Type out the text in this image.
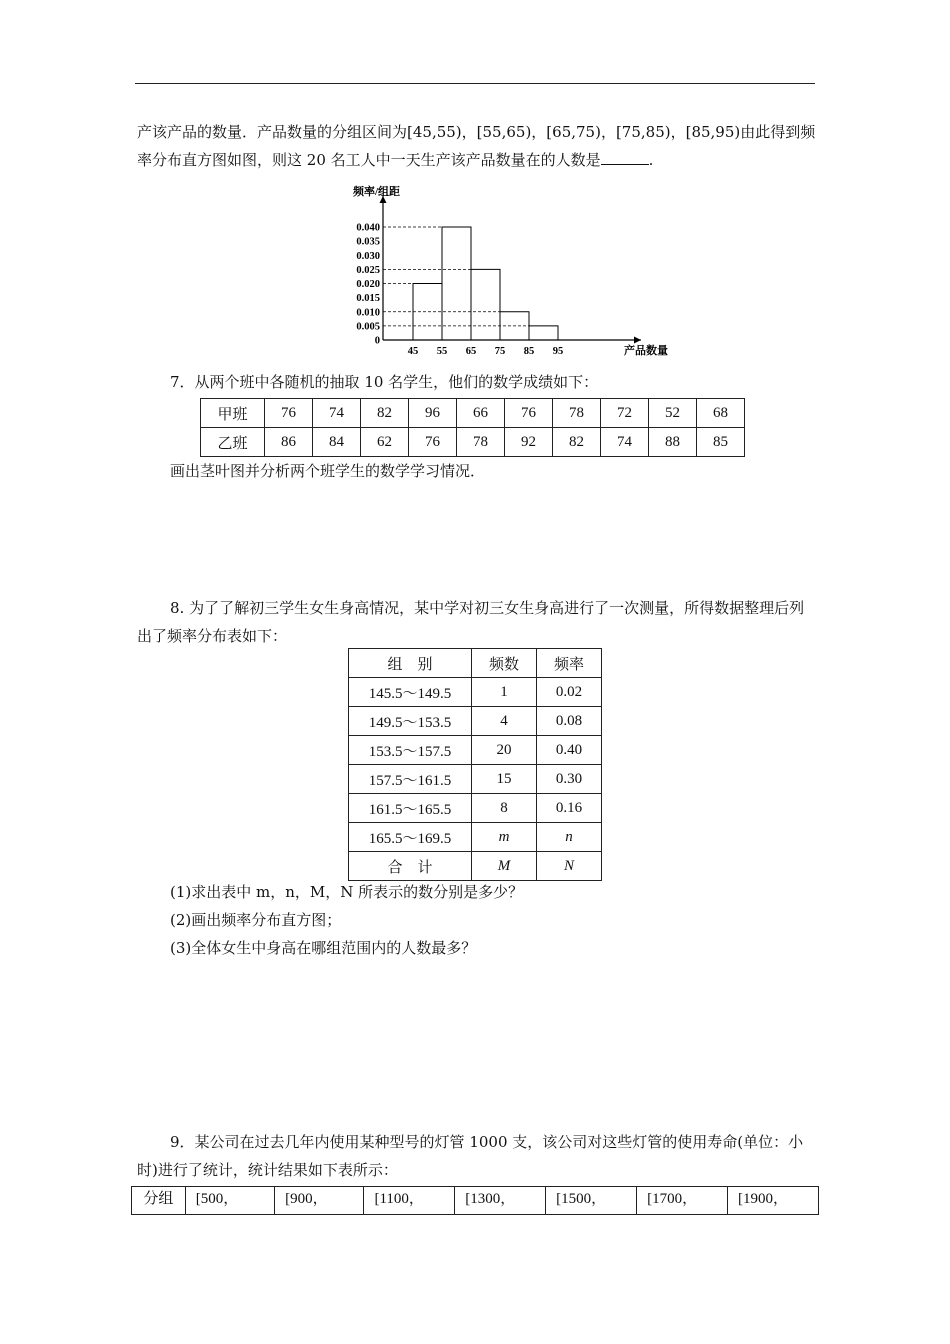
产该产品的数量．产品数量的分组区间为[45,55)，[55,65)，[65,75)，[75,85)，[85,95)由此得到频
率分布直方图如图，则这 20 名工人中一天生产该产品数量在的人数是	.
频率/组距
产品数量
0
0.005
0.010
0.015
0.020
0.025
0.030
0.035
0.040
45 55 65 75 85 95
7．从两个班中各随机的抽取 10 名学生，他们的数学成绩如下：
甲班	76	74	82	96	66	76	78	72	52	68
乙班	86	84	62	76	78	92	82	74	88	85
画出茎叶图并分析两个班学生的数学学习情况．

8. 为了了解初三学生女生身高情况，某中学对初三女生身高进行了一次测量，所得数据整理后列出了频率分布表如下：

组　别	频数	频率
145.5～149.5	1	0.02
149.5～153.5	4	0.08
153.5～157.5	20	0.40
157.5～161.5	15	0.30
161.5～165.5	8	0.16
165.5～169.5	m	n
合　计	M	N
(1)求出表中 m，n，M，N 所表示的数分别是多少？
(2)画出频率分布直方图；
(3)全体女生中身高在哪组范围内的人数最多？

9．某公司在过去几年内使用某种型号的灯管 1000 支，该公司对这些灯管的使用寿命(单位：小时)进行了统计，统计结果如下表所示：

分组	[500，	[900，	[1100，	[1300，	[1500，	[1700，	[1900，
